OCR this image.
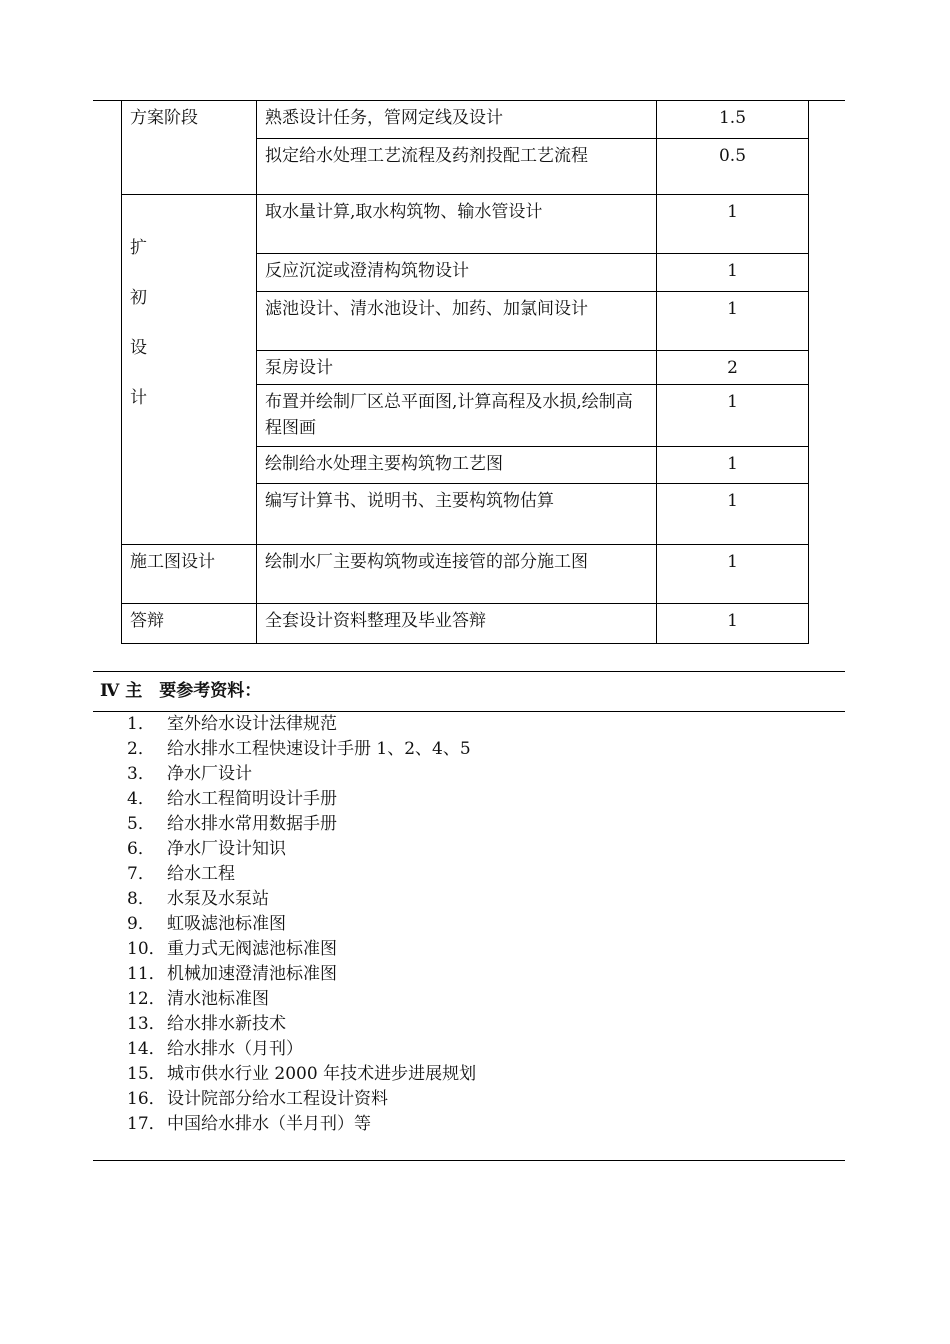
方案阶段	熟悉设计任务，管网定线及设计	1.5
	拟定给水处理工艺流程及药剂投配工艺流程	0.5

扩
初
设
计	取水量计算,取水构筑物、输水管设计	1
	反应沉淀或澄清构筑物设计	1
	滤池设计、清水池设计、加药、加氯间设计	1
	泵房设计	2
	布置并绘制厂区总平面图,计算高程及水损,绘制高程图画	1
	绘制给水处理主要构筑物工艺图	1
	编写计算书、说明书、主要构筑物估算	1
施工图设计	绘制水厂主要构筑物或连接管的部分施工图	1
答辩	全套设计资料整理及毕业答辩	1
Ⅳ 主　要参考资料：
1． 室外给水设计法律规范
2． 给水排水工程快速设计手册 1、2、4、5
3． 净水厂设计
4． 给水工程简明设计手册
5． 给水排水常用数据手册
6． 净水厂设计知识
7． 给水工程
8． 水泵及水泵站
9． 虹吸滤池标准图
10． 重力式无阀滤池标准图
11． 机械加速澄清池标准图
12． 清水池标准图
13． 给水排水新技术
14． 给水排水（月刊）
15． 城市供水行业 2000 年技术进步进展规划
16． 设计院部分给水工程设计资料
17． 中国给水排水（半月刊）等
